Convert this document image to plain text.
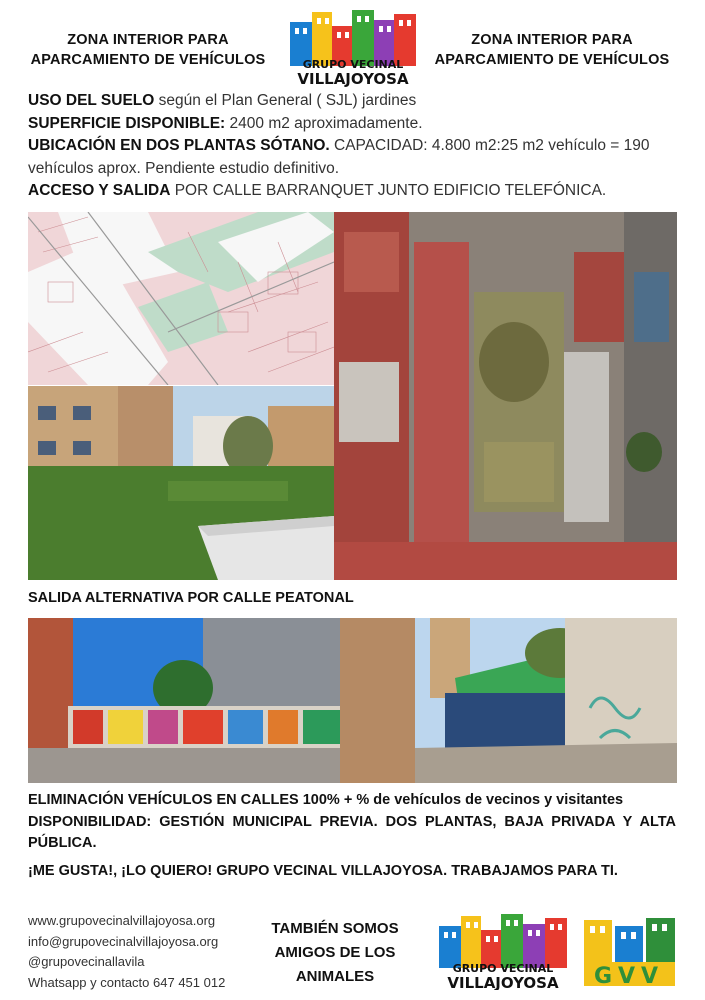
ZONA INTERIOR PARA
APARCAMIENTO DE VEHÍCULOS	GRUPO VECINAL
VILLAJOYOSA
ZONA INTERIOR PARA
APARCAMIENTO DE VEHÍCULOS

USO DEL SUELO según el Plan General ( SJL) jardines

SUPERFICIE DISPONIBLE: 2400 m2 aproximadamente.

UBICACIÓN EN DOS PLANTAS SÓTANO. CAPACIDAD: 4.800 m2:25 m2 vehículo = 190 vehículos aprox. Pendiente estudio definitivo.

ACCESO Y SALIDA POR CALLE BARRANQUET JUNTO EDIFICIO TELEFÓNICA.

SALIDA ALTERNATIVA POR CALLE PEATONAL
ELIMINACIÓN VEHÍCULOS EN CALLES 100% + % de vehículos de vecinos y visitantes
DISPONIBILIDAD: GESTIÓN MUNICIPAL PREVIA. DOS PLANTAS, BAJA PRIVADA Y ALTA PÚBLICA.
¡ME GUSTA!, ¡LO QUIERO! GRUPO VECINAL VILLAJOYOSA. TRABAJAMOS PARA TI.
www.grupovecinalvillajoyosa.org
info@grupovecinalvillajoyosa.org
@grupovecinallavila
Whatsapp y contacto 647 451 012
TAMBIÉN SOMOS
AMIGOS DE LOS
ANIMALES	GRUPO VECINAL
VILLAJOYOSA GVV
